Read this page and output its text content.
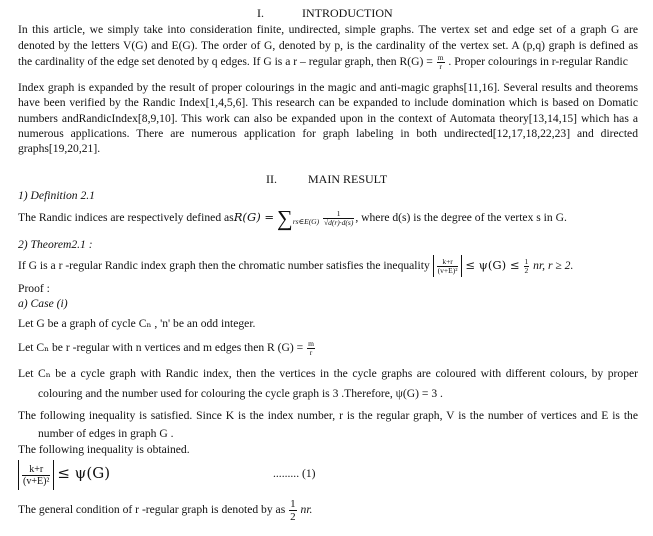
I.	INTRODUCTION
In this article, we simply take into consideration finite, undirected, simple graphs. The vertex set and edge set of a graph G are
denoted by the letters V(G) and E(G). The order of G, denoted by p, is the cardinality of the vertex set. A (p,q) graph is defined as
the cardinality of the edge set denoted by q edges. If G is a r – regular graph, then $R(G) = \frac{m}{r}$ . Proper colourings in r-regular Randic
Index graph is expanded by the result of proper colourings in the magic and anti-magic graphs[11,16]. Several results and theorems
have been verified by the Randic Index[1,4,5,6]. This research can be expanded to include domination which is based on Domatic
numbers andRandicIndex[8,9,10]. This work can also be expanded upon in the context of Automata theory[13,14,15] which has a
numerous applications. There are numerous application for graph labeling in both undirected[12,17,18,22,23] and directed
graphs[19,20,21].
II.	MAIN RESULT
1) Definition 2.1
The Randic indices are respectively defined $asR(G) = \sum_{rs\in E(G)} \frac{1}{√d(r)\cdot d(s)}$ , where d(s) is the degree of the vertex s in G.
2) Theorem2.1 :
If G is a r -regular Randic index graph then the chromatic number satisfies the inequality $\frac{k+r}{\text{(v+E)²}} \le \psi(G) \le \frac{1}{2}$ nr, r ≥ 2.
Proof :
a) Case (i)
Let G be a graph of cycle Cₙ , 'n' be an odd integer.
Let Cₙ be r -regular with n vertices and m edges then R $(G) = \frac{m}{r}$
Let Cₙ be a cycle graph with Randic index, then the vertices in the cycle graphs are coloured with different colours, by proper
colouring and the number used for colouring the cycle graph is 3 .Therefore, ψ(G) = 3 .
The following inequality is satisfied. Since K is the index number, r is the regular graph, V is the number of vertices and E is the
number of edges in graph G .
The following inequality is obtained.
$\frac{k+r}{\text{(v+E)²}} \le \psi(G)$	......... (1)
The general condition of r -regular graph is denoted by as $\frac{1}{2}$ nr.
